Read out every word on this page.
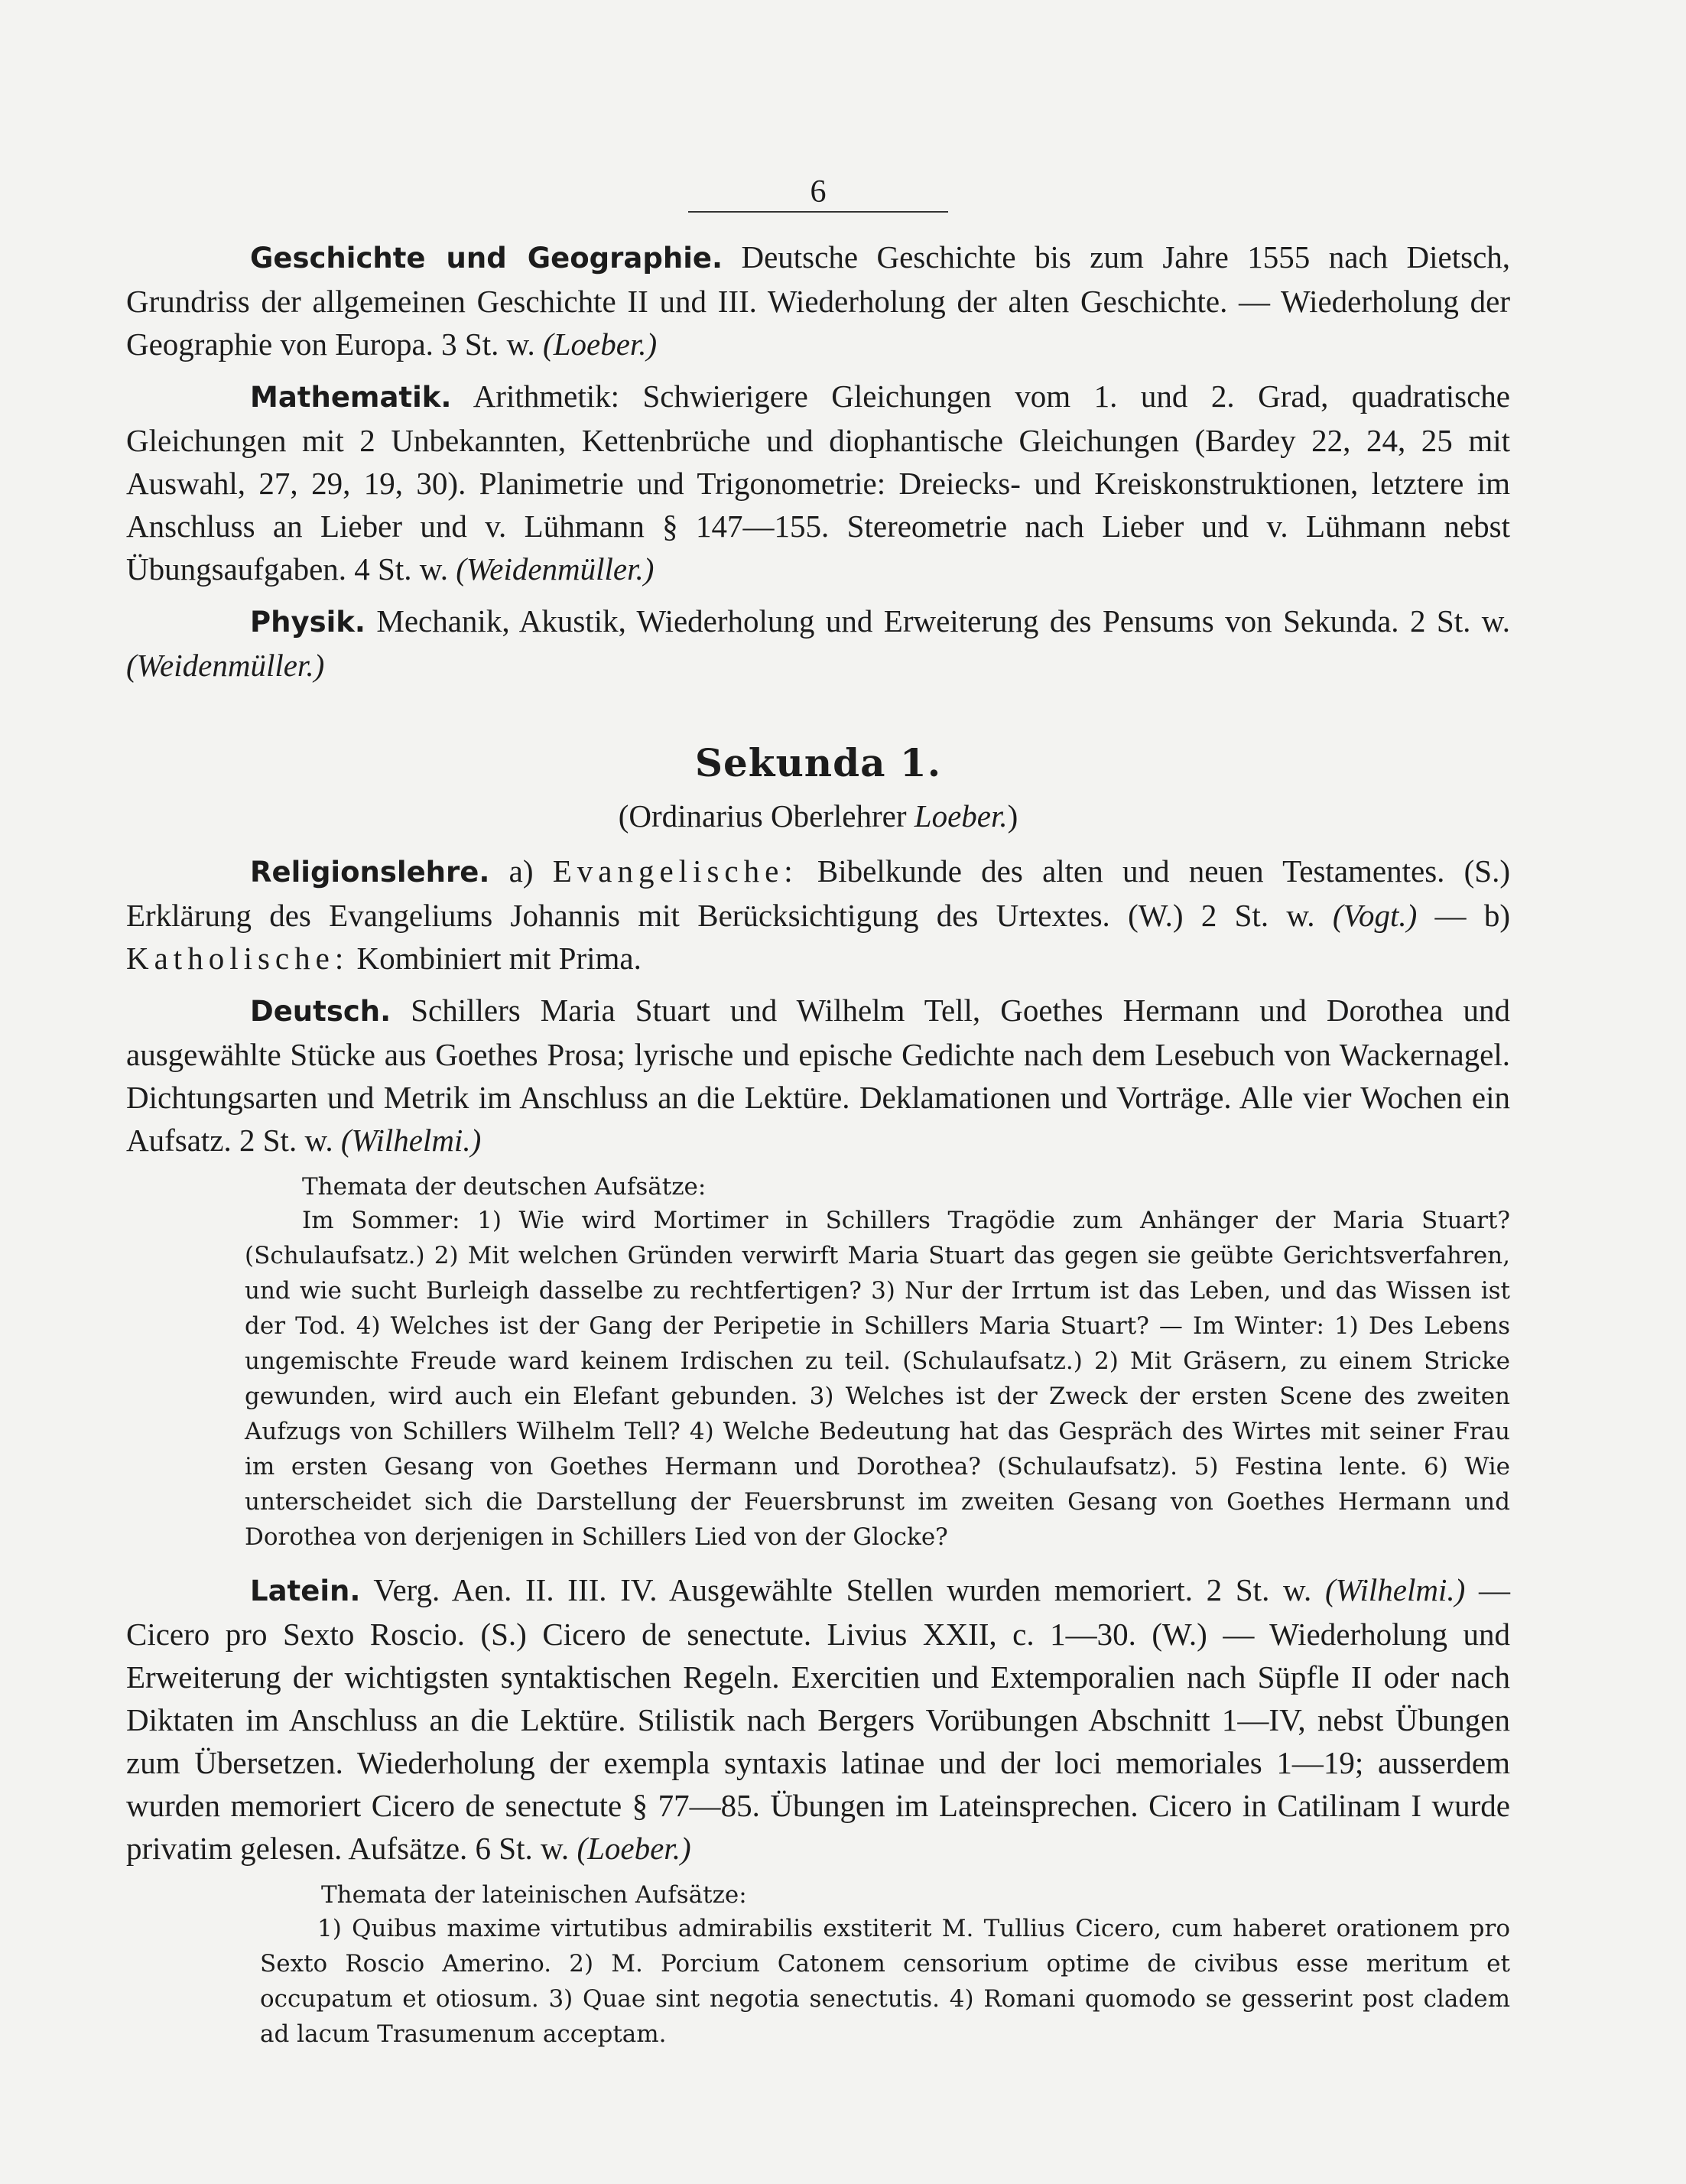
6

Geschichte und Geographie. Deutsche Geschichte bis zum Jahre 1555 nach Dietsch, Grundriss der allgemeinen Geschichte II und III. Wiederholung der alten Geschichte. — Wiederholung der Geographie von Europa. 3 St. w. (Loeber.)

Mathematik. Arithmetik: Schwierigere Gleichungen vom 1. und 2. Grad, quadratische Gleichungen mit 2 Unbekannten, Kettenbrüche und diophantische Gleichungen (Bardey 22, 24, 25 mit Auswahl, 27, 29, 19, 30). Planimetrie und Trigonometrie: Dreiecks- und Kreiskonstruktionen, letztere im Anschluss an Lieber und v. Lühmann § 147—155. Stereometrie nach Lieber und v. Lühmann nebst Übungsaufgaben. 4 St. w. (Weidenmüller.)

Physik. Mechanik, Akustik, Wiederholung und Erweiterung des Pensums von Sekunda. 2 St. w. (Weidenmüller.)

Sekunda 1.
(Ordinarius Oberlehrer Loeber.)

Religionslehre. a) Evangelische: Bibelkunde des alten und neuen Testamentes. (S.) Erklärung des Evangeliums Johannis mit Berücksichtigung des Urtextes. (W.) 2 St. w. (Vogt.) — b) Katholische: Kombiniert mit Prima.

Deutsch. Schillers Maria Stuart und Wilhelm Tell, Goethes Hermann und Dorothea und ausgewählte Stücke aus Goethes Prosa; lyrische und epische Gedichte nach dem Lesebuch von Wackernagel. Dichtungsarten und Metrik im Anschluss an die Lektüre. Deklamationen und Vorträge. Alle vier Wochen ein Aufsatz. 2 St. w. (Wilhelmi.)

Themata der deutschen Aufsätze:

Im Sommer: 1) Wie wird Mortimer in Schillers Tragödie zum Anhänger der Maria Stuart? (Schulaufsatz.) 2) Mit welchen Gründen verwirft Maria Stuart das gegen sie geübte Gerichtsverfahren, und wie sucht Burleigh dasselbe zu rechtfertigen? 3) Nur der Irrtum ist das Leben, und das Wissen ist der Tod. 4) Welches ist der Gang der Peripetie in Schillers Maria Stuart? — Im Winter: 1) Des Lebens ungemischte Freude ward keinem Irdischen zu teil. (Schulaufsatz.) 2) Mit Gräsern, zu einem Stricke gewunden, wird auch ein Elefant gebunden. 3) Welches ist der Zweck der ersten Scene des zweiten Aufzugs von Schillers Wilhelm Tell? 4) Welche Bedeutung hat das Gespräch des Wirtes mit seiner Frau im ersten Gesang von Goethes Hermann und Dorothea? (Schulaufsatz). 5) Festina lente. 6) Wie unterscheidet sich die Darstellung der Feuersbrunst im zweiten Gesang von Goethes Hermann und Dorothea von derjenigen in Schillers Lied von der Glocke?

Latein. Verg. Aen. II. III. IV. Ausgewählte Stellen wurden memoriert. 2 St. w. (Wilhelmi.) — Cicero pro Sexto Roscio. (S.) Cicero de senectute. Livius XXII, c. 1—30. (W.) — Wiederholung und Erweiterung der wichtigsten syntaktischen Regeln. Exercitien und Extemporalien nach Süpfle II oder nach Diktaten im Anschluss an die Lektüre. Stilistik nach Bergers Vorübungen Abschnitt 1—IV, nebst Übungen zum Übersetzen. Wiederholung der exempla syntaxis latinae und der loci memoriales 1—19; ausserdem wurden memoriert Cicero de senectute § 77—85. Übungen im Lateinsprechen. Cicero in Catilinam I wurde privatim gelesen. Aufsätze. 6 St. w. (Loeber.)

Themata der lateinischen Aufsätze:

1) Quibus maxime virtutibus admirabilis exstiterit M. Tullius Cicero, cum haberet orationem pro Sexto Roscio Amerino. 2) M. Porcium Catonem censorium optime de civibus esse meritum et occupatum et otiosum. 3) Quae sint negotia senectutis. 4) Romani quomodo se gesserint post cladem ad lacum Trasumenum acceptam.
